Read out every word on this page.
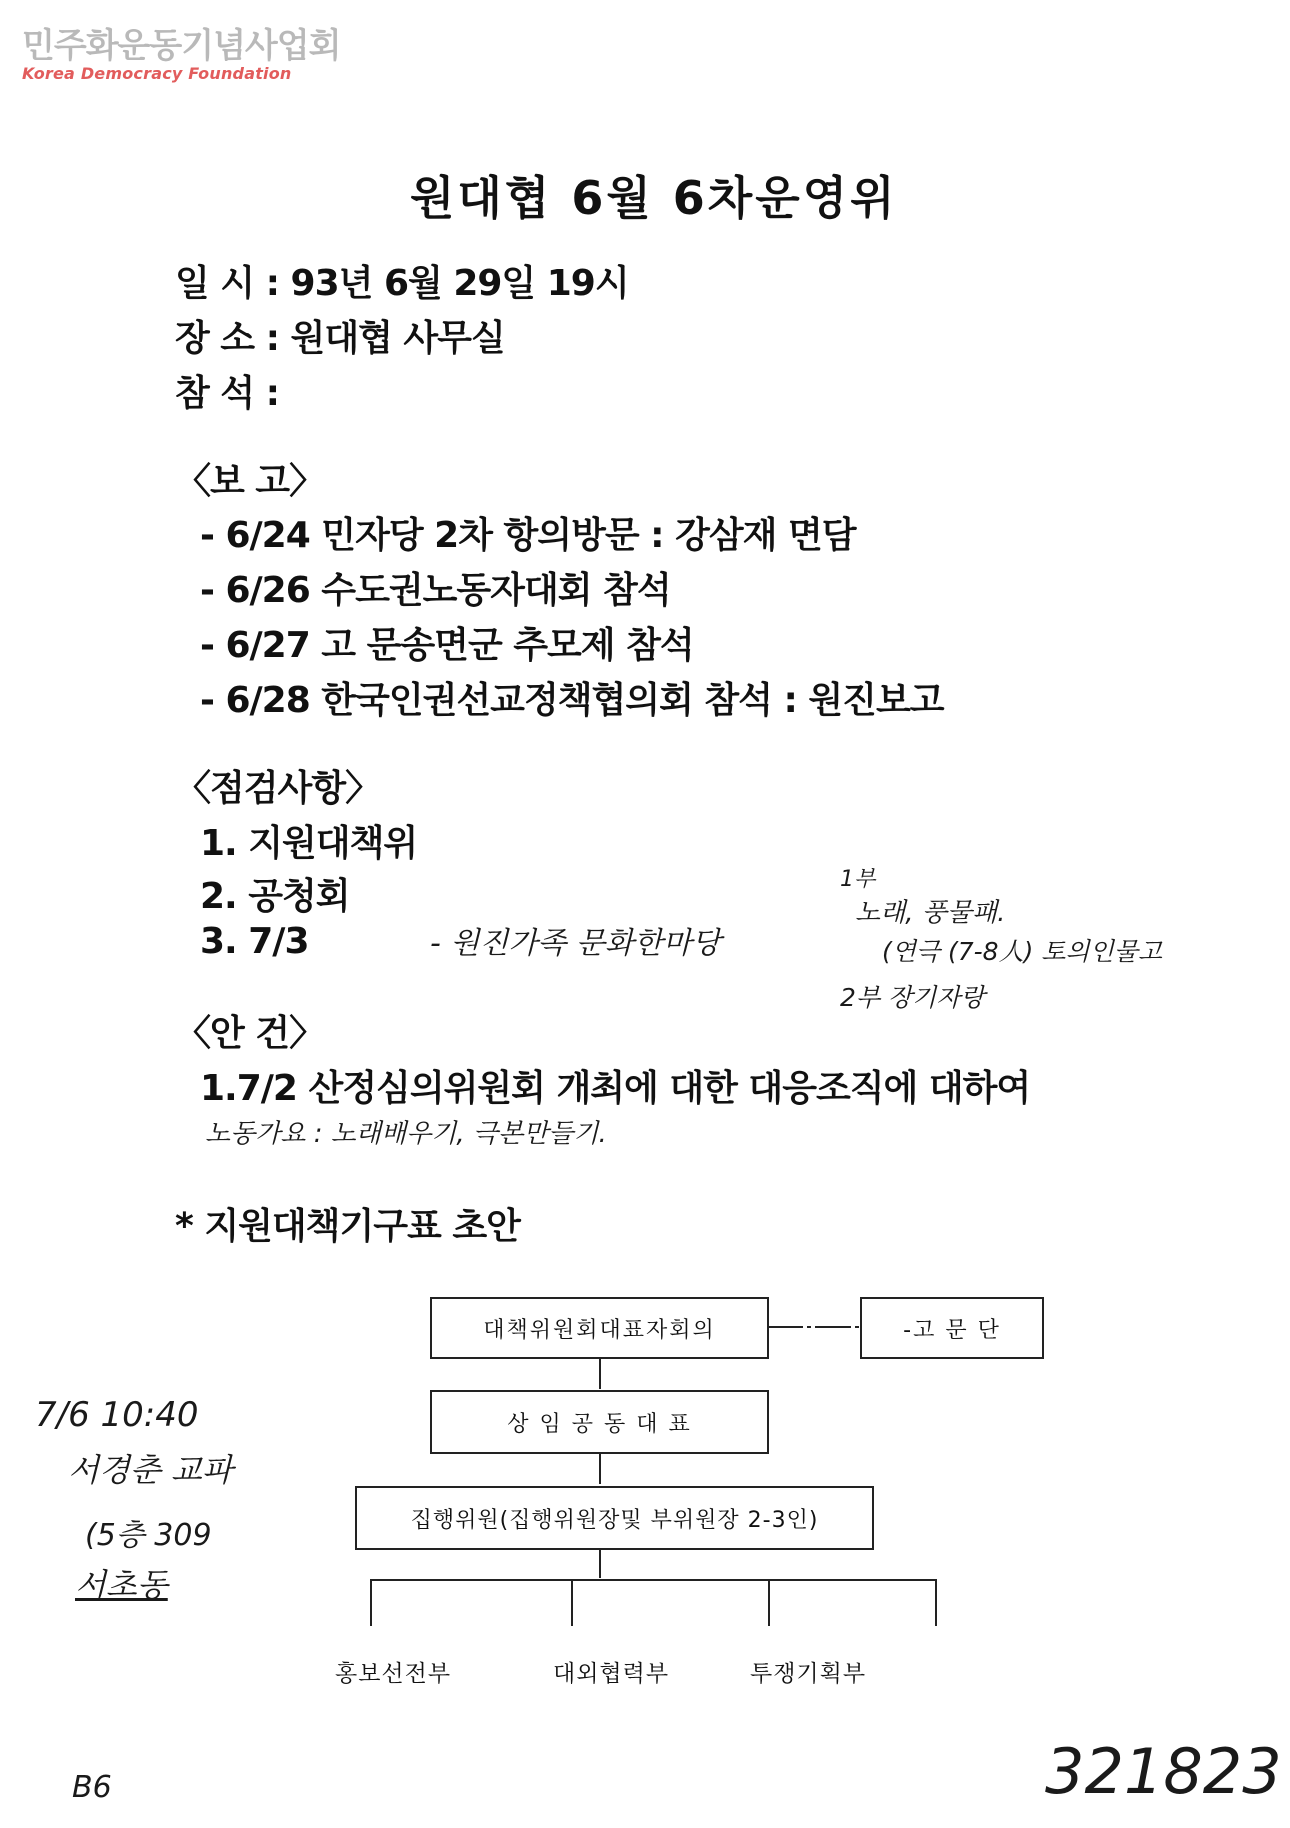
민주화운동기념사업회
Korea Democracy Foundation
원대협 6월 6차운영위
일 시 : 93년 6월 29일 19시
장 소 : 원대협 사무실
참 석 :
〈보 고〉
- 6/24 민자당 2차 항의방문 : 강삼재 면담
- 6/26 수도권노동자대회 참석
- 6/27 고 문송면군 추모제 참석
- 6/28 한국인권선교정책협의회 참석 : 원진보고
〈점검사항〉
1. 지원대책위
2. 공청회
3. 7/3	- 원진가족 문화한마당
1부
노래, 풍물패.
(연극 (7-8人) 토의인물고
2부 장기자랑
〈안 건〉
1.7/2 산정심의위원회 개최에 대한 대응조직에 대하여
노동가요 : 노래배우기, 극본만들기.
* 지원대책기구표 초안
대책위원회대표자회의	-고 문 단
상 임 공 동 대 표
집행위원(집행위원장및 부위원장 2-3인)
홍보선전부	대외협력부	투쟁기획부
7/6 10:40
서경춘 교파
(5층 309
서초동
B6	321823
